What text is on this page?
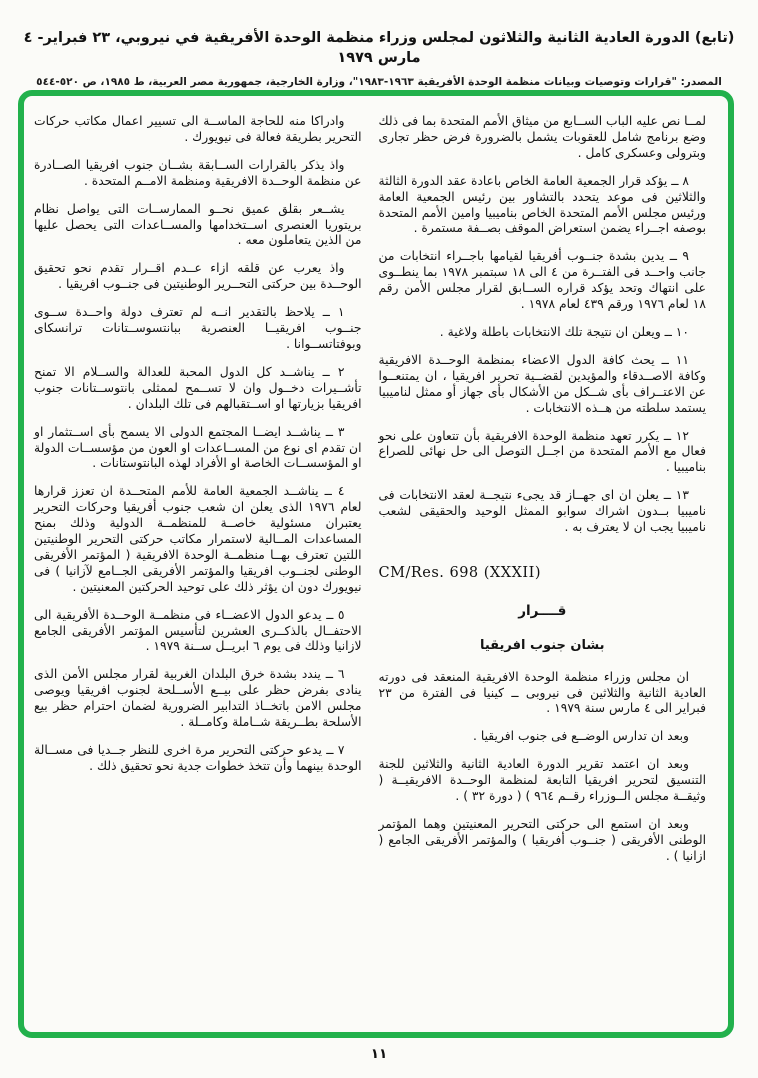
(تابع) الدورة العادية الثانية والثلاثون لمجلس وزراء منظمة الوحدة الأفريقية في نيروبي، ٢٣ فبراير- ٤ مارس ١٩٧٩
المصدر: "قرارات وتوصيات وبيانات منظمة الوحدة الأفريقية ١٩٦٣-١٩٨٣"، وزارة الخارجية، جمهورية مصر العربية، ط ١٩٨٥، ص ٥٢٠-٥٤٤

لمــا نص عليه الباب الســابع من ميثاق الأمم المتحدة بما فى ذلك وضع برنامج شامل للعقوبات يشمل بالضرورة فرض حظر تجارى وبترولى وعسكرى كامل .

٨ ــ يؤكد قرار الجمعية العامة الخاص باعادة عقد الدورة الثالثة والثلاثين فى موعد يتحدد بالتشاور بين رئيس الجمعية العامة ورئيس مجلس الأمم المتحدة الخاص بناميبيا وامين الأمم المتحدة بوصفه اجــراء يضمن استعراض الموقف بصــفة مستمرة .

٩ ــ يدين بشدة جنــوب أفريقيا لقيامها باجــراء انتخابات من جانب واحــد فى الفتــرة من ٤ الى ١٨ سبتمبر ١٩٧٨ بما ينطــوى على انتهاك وتحد يؤكد قراره الســابق لقرار مجلس الأمن رقم ١٨ لعام ١٩٧٦ ورقم ٤٣٩ لعام ١٩٧٨ .

١٠ ــ ويعلن ان نتيجة تلك الانتخابات باطلة ولاغية .

١١ ــ يحث كافة الدول الاعضاء بمنظمة الوحــدة الافريقية وكافة الاصــدقاء والمؤيدين لقضــية تحرير افريقيا ، ان يمتنعــوا عن الاعتــراف بأى شــكل من الأشكال بأى جهاز أو ممثل لناميبيا يستمد سلطته من هــذه الانتخابات .

١٢ ــ يكرر تعهد منظمة الوحدة الافريقية بأن تتعاون على نحو فعال مع الأمم المتحدة من اجــل التوصل الى حل نهائى للصراع بناميبيا .

١٣ ــ يعلن ان اى جهــاز قد يجىء نتيجــة لعقد الانتخابات فى ناميبيا بــدون اشراك سوابو الممثل الوحيد والحقيقى لشعب ناميبيا يجب ان لا يعترف به .

CM/Res. 698 (XXXII)
قــــرار
بشان جنوب افريقيا

ان مجلس وزراء منظمة الوحدة الافريقية المنعقد فى دورته العادية الثانية والثلاثين فى نيروبى ــ كينيا فى الفترة من ٢٣ فبراير الى ٤ مارس سنة ١٩٧٩ .

وبعد ان تدارس الوضــع فى جنوب افريقيا .

وبعد ان اعتمد تقرير الدورة العادية الثانية والثلاثين للجنة التنسيق لتحرير افريقيا التابعة لمنظمة الوحــدة الافريقيــة ( وثيقــة مجلس الــوزراء رقــم ٩٦٤ ) ( دورة ٣٢ ) .

وبعد ان استمع الى حركتى التحرير المعنيتين وهما المؤتمر الوطنى الأفريقى ( جنــوب أفريقيا ) والمؤتمر الأفريقى الجامع ( ازانيا ) .

وادراكا منه للحاجة الماســة الى تسيير اعمال مكاتب حركات التحرير بطريقة فعالة فى نيويورك .

واذ يذكر بالقرارات الســابقة بشــان جنوب افريقيا الصــادرة عن منظمة الوحــدة الافريقية ومنظمة الامــم المتحدة .

يشــعر بقلق عميق نحــو الممارســات التى يواصل نظام بريتوريا العنصرى اســتخدامها والمســاعدات التى يحصل عليها من الذين يتعاملون معه .

واذ يعرب عن قلقه ازاء عــدم اقــرار تقدم نحو تحقيق الوحــدة بين حركتى التحــرير الوطنيتين فى جنــوب افريقيا .

١ ــ يلاحظ بالتقدير انــه لم تعترف دولة واحــدة ســوى جنــوب افريقيــا العنصرية ببانتسوســتانات ترانسكاى وبوفتاتســوانا .

٢ ــ يناشــد كل الدول المحبة للعدالة والســلام الا تمنح تأشــيرات دخــول وان لا تســمح لممثلى بانتوســتانات جنوب افريقيا بزيارتها او اســتقبالهم فى تلك البلدان .

٣ ــ يناشــد ايضــا المجتمع الدولى الا يسمح بأى اســتثمار او ان تقدم اى نوع من المســاعدات او العون من مؤسســات الدولة او المؤسســات الخاصة او الأفراد لهذه البانتوستانات .

٤ ــ يناشــد الجمعية العامة للأمم المتحــدة ان تعزز قرارها لعام ١٩٧٦ الذى يعلن ان شعب جنوب أفريقيا وحركات التحرير يعتبران مسئولية خاصــة للمنظمــة الدولية وذلك بمنح المساعدات المــالية لاستمرار مكاتب حركتى التحرير الوطنيتين اللتين تعترف بهــا منظمــة الوحدة الافريقية ( المؤتمر الأفريقى الوطنى لجنــوب افريقيا والمؤتمر الأفريقى الجــامع لآزانيا ) فى نيويورك دون ان يؤثر ذلك على توحيد الحركتين المعنيتين .

٥ ــ يدعو الدول الاعضــاء فى منظمــة الوحــدة الأفريقية الى الاحتفــال بالذكــرى العشرين لتأسيس المؤتمر الأفريقى الجامع لازانيا وذلك فى يوم ٦ ابريــل ســنة ١٩٧٩ .

٦ ــ يندد بشدة خرق البلدان الغربية لقرار مجلس الأمن الذى ينادى بفرض حظر على بيــع الأســلحة لجنوب افريقيا ويوصى مجلس الامن باتخــاذ التدابير الضرورية لضمان احترام حظر بيع الأسلحة بطــريقة شــاملة وكامــلة .

٧ ــ يدعو حركتى التحرير مرة اخرى للنظر جــديا فى مســالة الوحدة بينهما وأن تتخذ خطوات جدية نحو تحقيق ذلك .

١١
